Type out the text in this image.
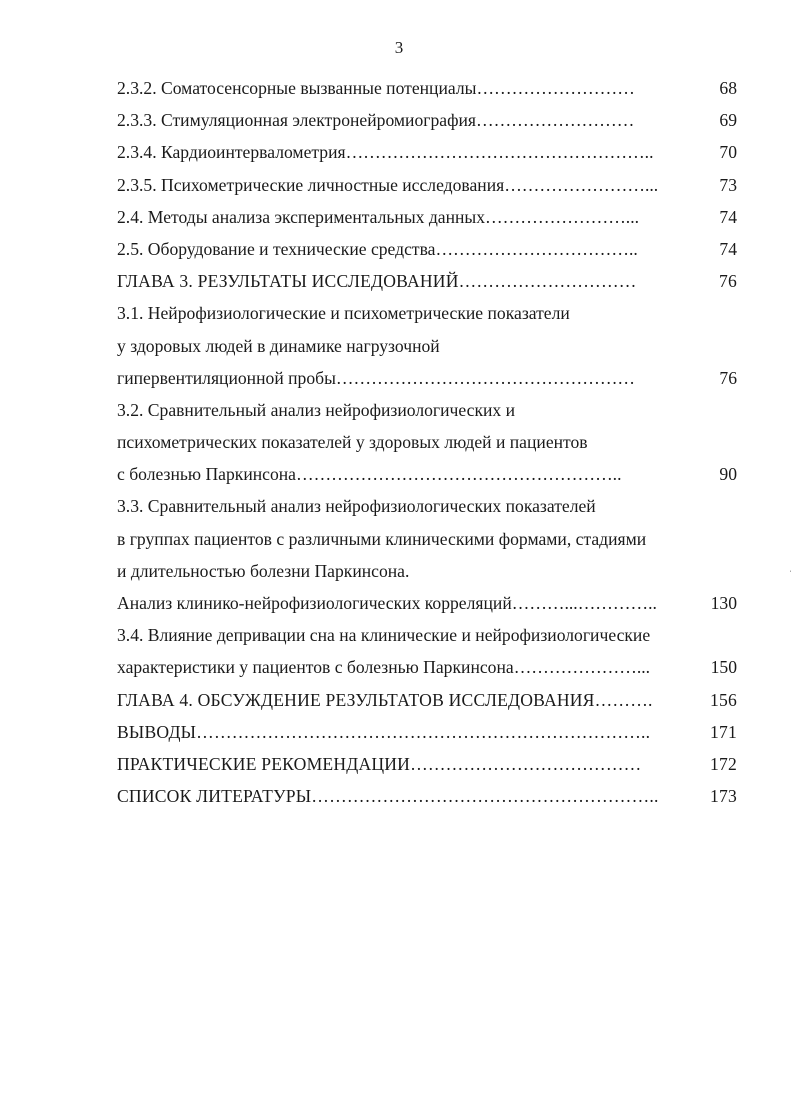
3
2.3.2. Соматосенсорные вызванные потенциалы………………………	68
2.3.3. Стимуляционная электронейромиография………………………	69
2.3.4. Кардиоинтервалометрия……………………………………………..	70
2.3.5. Психометрические личностные исследования……………………...	73
2.4. Методы анализа экспериментальных данных……………………...	74
2.5. Оборудование и технические средства……………………………..	74
ГЛАВА 3. РЕЗУЛЬТАТЫ ИССЛЕДОВАНИЙ…………………………	76
3.1. Нейрофизиологические и психометрические показатели
у здоровых людей в динамике нагрузочной
гипервентиляционной пробы……………………………………………	76
3.2. Сравнительный анализ нейрофизиологических и
психометрических показателей у здоровых людей и пациентов
с болезнью Паркинсона………………………………………………..	90
3.3. Сравнительный анализ нейрофизиологических показателей
в группах пациентов с различными клиническими формами, стадиями
и длительностью болезни Паркинсона.
Анализ клинико-нейрофизиологических корреляций………...…………..	130
3.4. Влияние депривации сна на клинические и нейрофизиологические
характеристики у пациентов с болезнью Паркинсона…………………...	150
ГЛАВА 4. ОБСУЖДЕНИЕ РЕЗУЛЬТАТОВ ИССЛЕДОВАНИЯ……….	156
ВЫВОДЫ…………………………………………………………………..	171
ПРАКТИЧЕСКИЕ РЕКОМЕНДАЦИИ…………………………………	172
СПИСОК ЛИТЕРАТУРЫ…………………………………………………..	173
ˌ
